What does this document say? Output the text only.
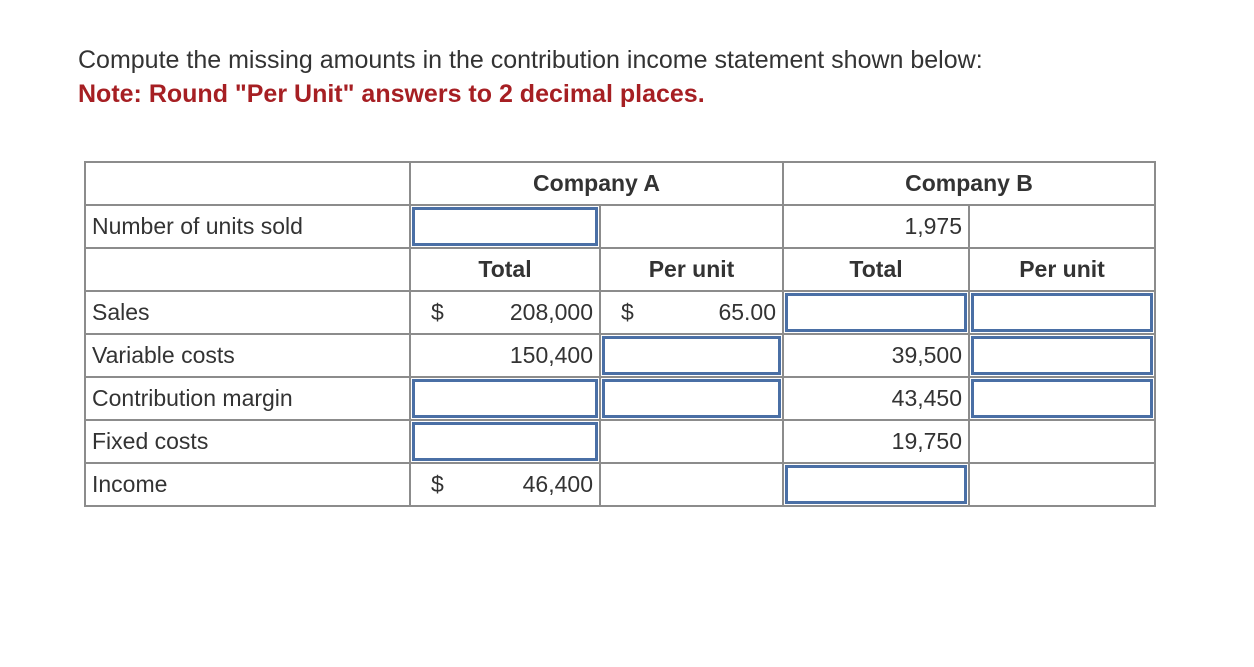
Compute the missing amounts in the contribution income statement shown below:
Note: Round "Per Unit" answers to 2 decimal places.
	Company A		Company B	
Number of units sold			1,975	
	Total	Per unit	Total	Per unit
Sales	$ 208,000	$ 65.00		

Variable costs	150,400		39,500	

Contribution margin			43,450	

Fixed costs			19,750	
Income	$ 46,400			
